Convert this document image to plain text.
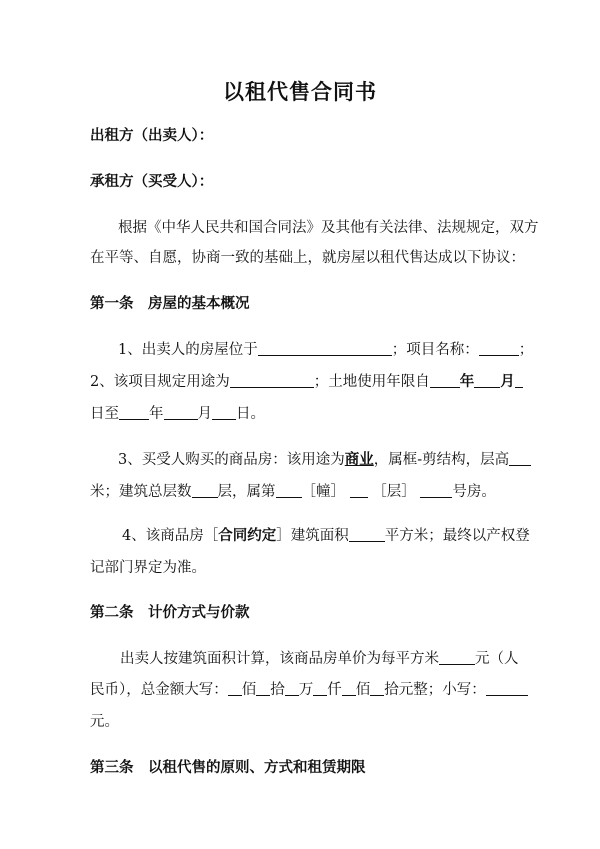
以租代售合同书
出租方（出卖人）：
承租方（买受人）：
根据《中华人民共和国合同法》及其他有关法律、法规规定，双方
在平等、自愿，协商一致的基础上，就房屋以租代售达成以下协议：
第一条　房屋的基本概况
1、出卖人的房屋位于	；项目名称：	；
2、该项目规定用途为	；土地使用年限自 年 月
日至 年 月 日。
3、买受人购买的商品房：该用途为商业，属框-剪结构，层高
米；建筑总层数 层，属第 ［幢］ ［层］	号房。
4、该商品房［合同约定］建筑面积 平方米；最终以产权登
记部门界定为准。
第二条　计价方式与价款
出卖人按建筑面积计算，该商品房单价为每平方米 元（人
民币），总金额大写： 佰 拾 万 仟 佰 拾元整；小写：
元。
第三条　以租代售的原则、方式和租赁期限
